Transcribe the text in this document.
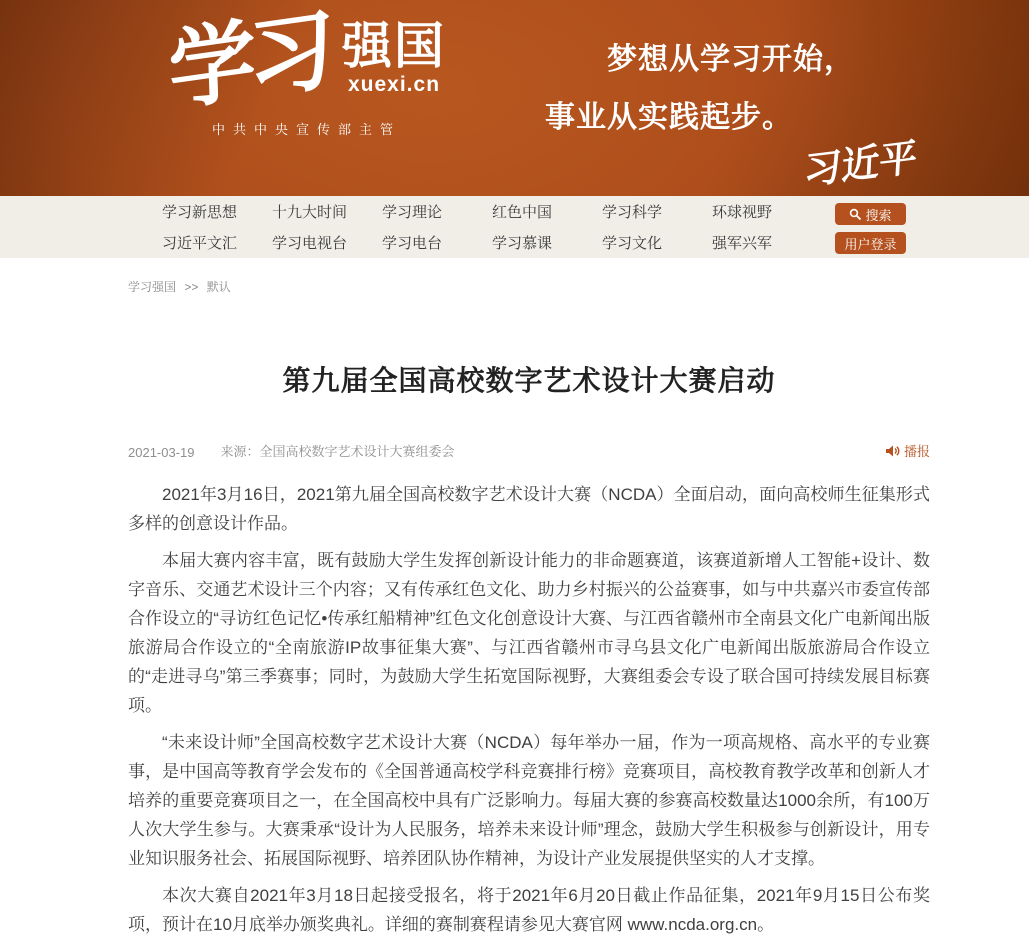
学习 强国
xuexi.cn
中共中央宣传部主管
梦想从学习开始，
事业从实践起步。
习近平
学习新思想	十九大时间	学习理论	红色中国	学习科学	环球视野
习近平文汇	学习电视台	学习电台	学习慕课	学习文化	强军兴军
搜索
用户登录
学习强国 >> 默认
第九届全国高校数字艺术设计大赛启动
2021-03-19 来源：全国高校数字艺术设计大赛组委会	播报

2021年3月16日，2021第九届全国高校数字艺术设计大赛（NCDA）全面启动，面向高校师生征集形式多样的创意设计作品。

本届大赛内容丰富，既有鼓励大学生发挥创新设计能力的非命题赛道，该赛道新增人工智能+设计、数字音乐、交通艺术设计三个内容；又有传承红色文化、助力乡村振兴的公益赛事，如与中共嘉兴市委宣传部合作设立的“寻访红色记忆•传承红船精神”红色文化创意设计大赛、与江西省赣州市全南县文化广电新闻出版旅游局合作设立的“全南旅游IP故事征集大赛”、与江西省赣州市寻乌县文化广电新闻出版旅游局合作设立的“走进寻乌”第三季赛事；同时，为鼓励大学生拓宽国际视野，大赛组委会专设了联合国可持续发展目标赛项。

“未来设计师”全国高校数字艺术设计大赛（NCDA）每年举办一届，作为一项高规格、高水平的专业赛事，是中国高等教育学会发布的《全国普通高校学科竞赛排行榜》竞赛项目，高校教育教学改革和创新人才培养的重要竞赛项目之一，在全国高校中具有广泛影响力。每届大赛的参赛高校数量达1000余所，有100万人次大学生参与。大赛秉承“设计为人民服务，培养未来设计师”理念，鼓励大学生积极参与创新设计，用专业知识服务社会、拓展国际视野、培养团队协作精神，为设计产业发展提供坚实的人才支撑。

本次大赛自2021年3月18日起接受报名，将于2021年6月20日截止作品征集，2021年9月15日公布奖项，预计在10月底举办颁奖典礼。详细的赛制赛程请参见大赛官网 www.ncda.org.cn。
